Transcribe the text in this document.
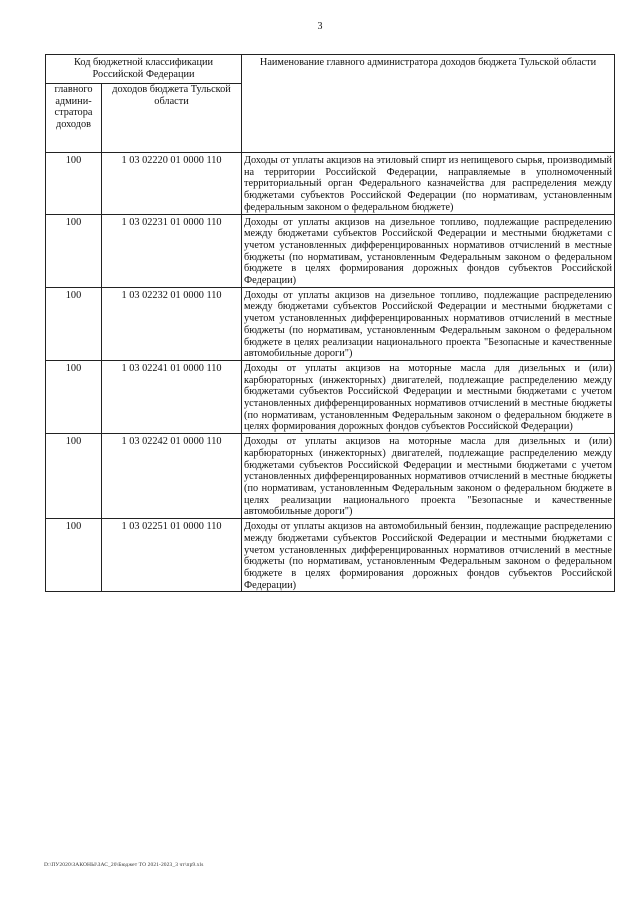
3
Код бюджетной классификации Российской Федерации		Наименование главного администратора доходов бюджета Тульской области
главного админи-стратора доходов	доходов бюджета Тульской области	
100	1 03 02220 01 0000 110	Доходы от уплаты акцизов на этиловый спирт из непищевого сырья, производимый на территории Российской Федерации, направляемые в уполномоченный территориальный орган Федерального казначейства для распределения между бюджетами субъектов Российской Федерации (по нормативам, установленным федеральным законом о федеральном бюджете)
100	1 03 02231 01 0000 110	Доходы от уплаты акцизов на дизельное топливо, подлежащие распределению между бюджетами субъектов Российской Федерации и местными бюджетами с учетом установленных дифференцированных нормативов отчислений в местные бюджеты (по нормативам, установленным Федеральным законом о федеральном бюджете в целях формирования дорожных фондов субъектов Российской Федерации)
100	1 03 02232 01 0000 110	Доходы от уплаты акцизов на дизельное топливо, подлежащие распределению между бюджетами субъектов Российской Федерации и местными бюджетами с учетом установленных дифференцированных нормативов отчислений в местные бюджеты (по нормативам, установленным Федеральным законом о федеральном бюджете в целях реализации национального проекта "Безопасные и качественные автомобильные дороги")
100	1 03 02241 01 0000 110	Доходы от уплаты акцизов на моторные масла для дизельных и (или) карбюраторных (инжекторных) двигателей, подлежащие распределению между бюджетами субъектов Российской Федерации и местными бюджетами с учетом установленных дифференцированных нормативов отчислений в местные бюджеты (по нормативам, установленным Федеральным законом о федеральном бюджете в целях формирования дорожных фондов субъектов Российской Федерации)
100	1 03 02242 01 0000 110	Доходы от уплаты акцизов на моторные масла для дизельных и (или) карбюраторных (инжекторных) двигателей, подлежащие распределению между бюджетами субъектов Российской Федерации и местными бюджетами с учетом установленных дифференцированных нормативов отчислений в местные бюджеты (по нормативам, установленным Федеральным законом о федеральном бюджете в целях реализации национального проекта "Безопасные и качественные автомобильные дороги")
100	1 03 02251 01 0000 110	Доходы от уплаты акцизов на автомобильный бензин, подлежащие распределению между бюджетами субъектов Российской Федерации и местными бюджетами с учетом установленных дифференцированных нормативов отчислений в местные бюджеты (по нормативам, установленным Федеральным законом о федеральном бюджете в целях формирования дорожных фондов субъектов Российской Федерации)
D:\ПУ2020\ЗАКОНЫ\ЗАС_20\Бюджет ТО 2021-2023_3 чт\пр9.xls
